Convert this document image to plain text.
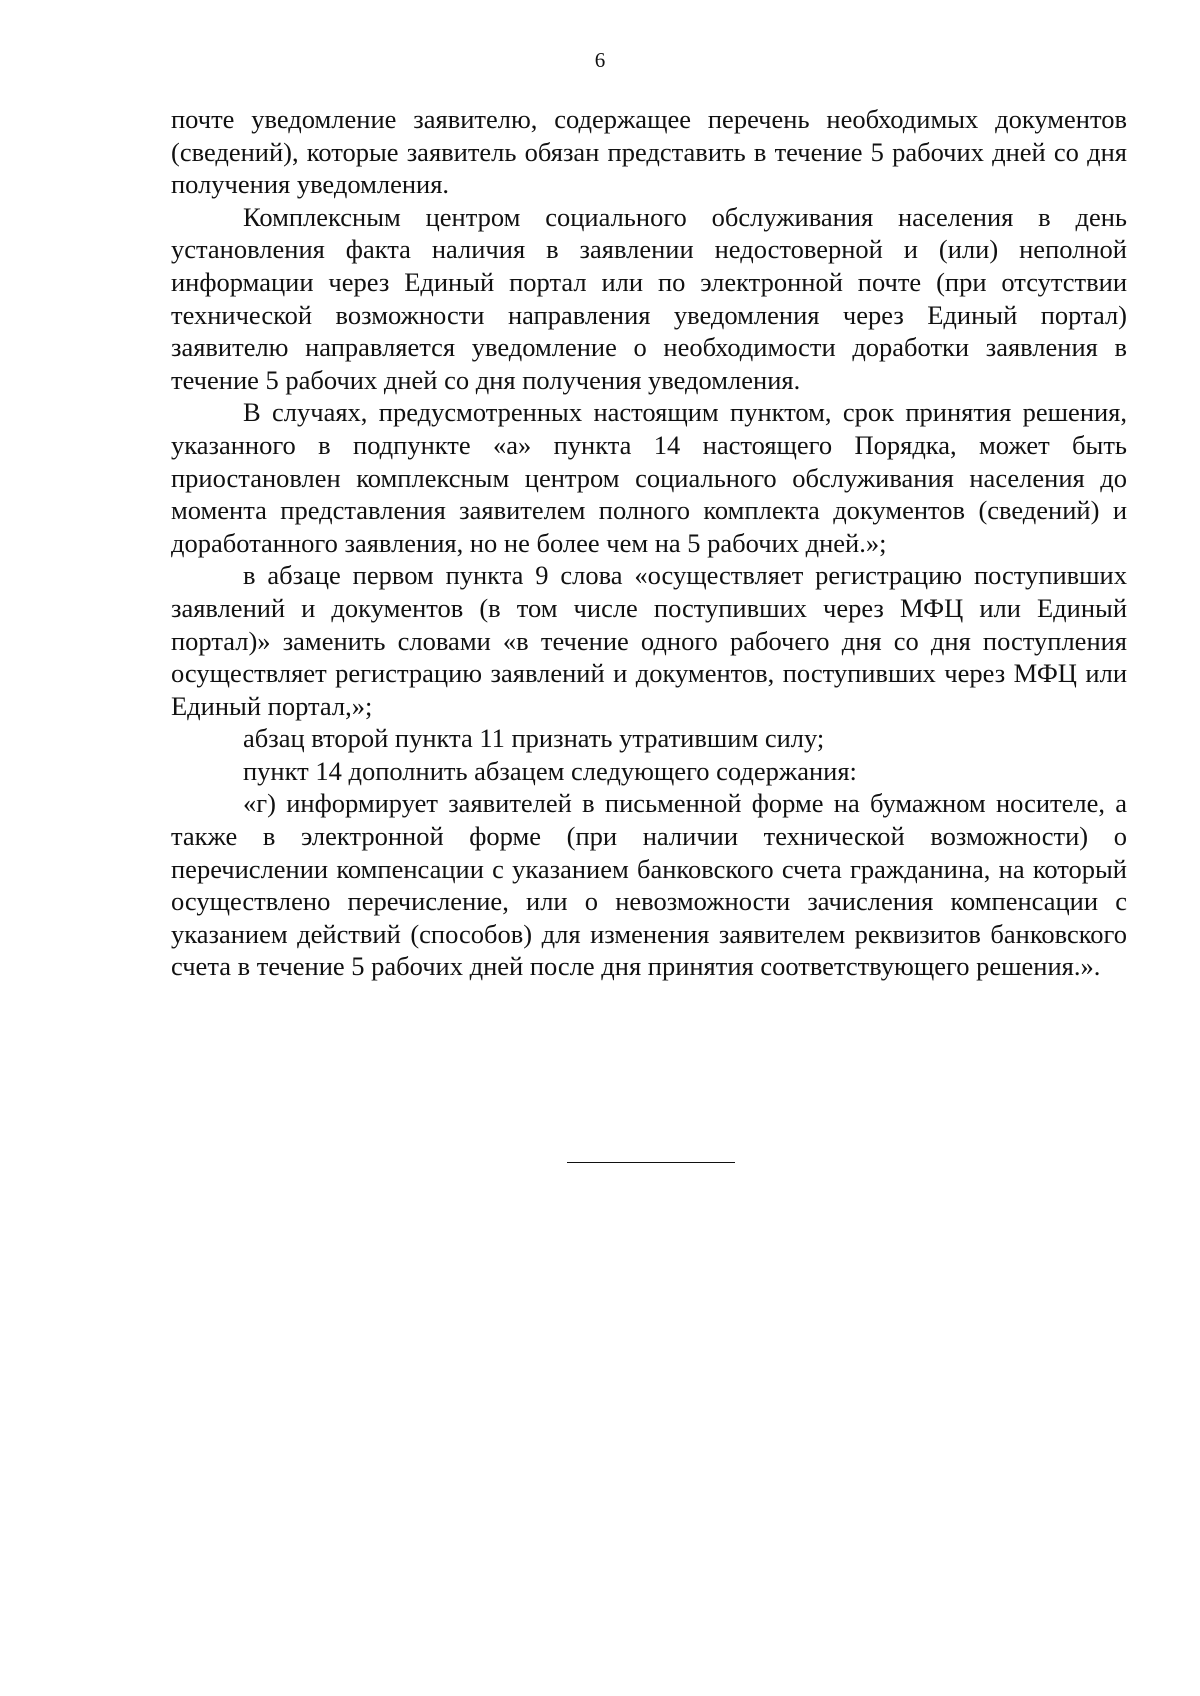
6

почте уведомление заявителю, содержащее перечень необходимых документов (сведений), которые заявитель обязан представить в течение 5 рабочих дней со дня получения уведомления.

Комплексным центром социального обслуживания населения в день установления факта наличия в заявлении недостоверной и (или) неполной информации через Единый портал или по электронной почте (при отсутствии технической возможности направления уведомления через Единый портал) заявителю направляется уведомление о необходимости доработки заявления в течение 5 рабочих дней со дня получения уведомления.

В случаях, предусмотренных настоящим пунктом, срок принятия решения, указанного в подпункте «а» пункта 14 настоящего Порядка, может быть приостановлен комплексным центром социального обслуживания населения до момента представления заявителем полного комплекта документов (сведений) и доработанного заявления, но не более чем на 5 рабочих дней.»;

в абзаце первом пункта 9 слова «осуществляет регистрацию поступивших заявлений и документов (в том числе поступивших через МФЦ или Единый портал)» заменить словами «в течение одного рабочего дня со дня поступления осуществляет регистрацию заявлений и документов, поступивших через МФЦ или Единый портал,»;

абзац второй пункта 11 признать утратившим силу;

пункт 14 дополнить абзацем следующего содержания:

«г) информирует заявителей в письменной форме на бумажном носителе, а также в электронной форме (при наличии технической возможности) о перечислении компенсации с указанием банковского счета гражданина, на который осуществлено перечисление, или о невозможности зачисления компенсации с указанием действий (способов) для изменения заявителем реквизитов банковского счета в течение 5 рабочих дней после дня принятия соответствующего решения.».
